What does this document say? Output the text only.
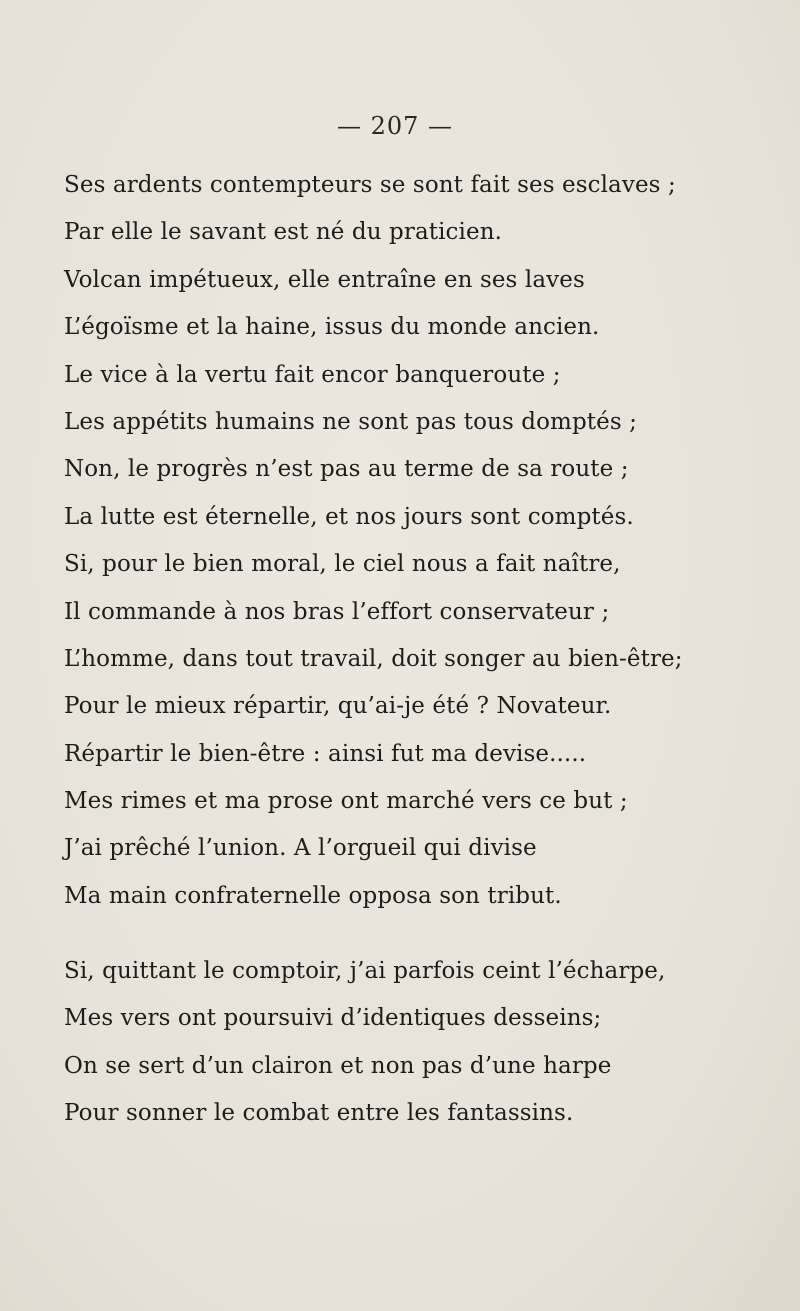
— 207 —
Ses ardents contempteurs se sont fait ses esclaves ;
Par elle le savant est né du praticien.
Volcan impétueux, elle entraîne en ses laves
L’égoïsme et la haine, issus du monde ancien.
Le vice à la vertu fait encor banqueroute ;
Les appétits humains ne sont pas tous domptés ;
Non, le progrès n’est pas au terme de sa route ;
La lutte est éternelle, et nos jours sont comptés.
Si, pour le bien moral, le ciel nous a fait naître,
Il commande à nos bras l’effort conservateur ;
L’homme, dans tout travail, doit songer au bien-être;
Pour le mieux répartir, qu’ai-je été ? Novateur.
Répartir le bien-être : ainsi fut ma devise.....
Mes rimes et ma prose ont marché vers ce but ;
J’ai prêché l’union. A l’orgueil qui divise
Ma main confraternelle opposa son tribut.
Si, quittant le comptoir, j’ai parfois ceint l’écharpe,
Mes vers ont poursuivi d’identiques desseins;
On se sert d’un clairon et non pas d’une harpe
Pour sonner le combat entre les fantassins.
